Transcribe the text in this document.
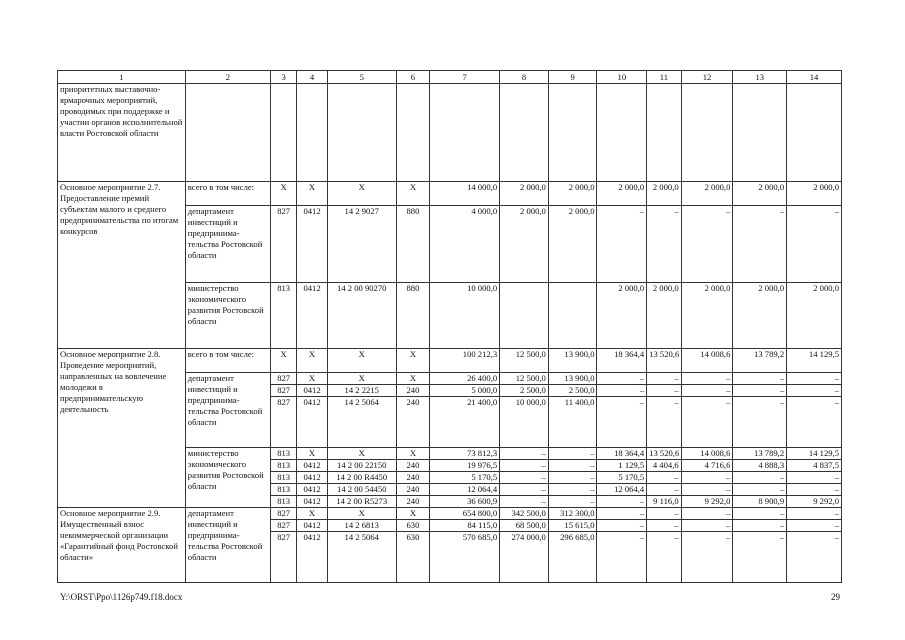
1	2	3	4	5	6	7	8	9	10	11	12	13	14
приоритетных выставочно-ярмарочных мероприятий, проводимых при поддержке и участии органов исполнительной власти Ростовской области													
Основное мероприятие 2.7. Предоставление премий субъектам малого и среднего предпринимательства по итогам конкурсов	всего в том числе:	Х	Х	Х	Х	14 000,0	2 000,0	2 000,0	2 000,0	2 000,0	2 000,0	2 000,0	2 000,0
	департамент инвестиций и предпринима-тельства Ростовской области	827	0412	14 2 9027	880	4 000,0	2 000,0	2 000,0	–	–	–	–	–
	министерство экономического развития Ростовской области	813	0412	14 2 00 90270	880	10 000,0			2 000,0	2 000,0	2 000,0	2 000,0	2 000,0
Основное мероприятие 2.8. Проведение мероприятий, направленных на вовлечение молодежи в предпринимательскую деятельность	всего в том числе:	Х	Х	Х	Х	100 212,3	12 500,0	13 900,0	18 364,4	13 520,6	14 008,6	13 789,2	14 129,5
	департамент инвестиций и предпринима-тельства Ростовской области	827	Х	Х	Х	26 400,0	12 500,0	13 900,0	–	–	–	–	–
		827	0412	14 2 2215	240	5 000,0	2 500,0	2 500,0	–	–	–	–	–
		827	0412	14 2 5064	240	21 400,0	10 000,0	11 400,0	–	–	–	–	–
	министерство экономического развития Ростовской области	813	Х	Х	Х	73 812,3	–	–	18 364,4	13 520,6	14 008,6	13 789,2	14 129,5
		813	0412	14 2 00 22150	240	19 976,5	–	–	1 129,5	4 404,6	4 716,6	4 888,3	4 837,5
		813	0412	14 2 00 R4450	240	5 170,5	–	–	5 170,5	–	–	–	–
		813	0412	14 2 00 54450	240	12 064,4	–	–	12 064,4	–	–	–	–
		813	0412	14 2 00 R5273	240	36 600,9	–	–	–	9 116,0	9 292,0	8 900,9	9 292,0
Основное мероприятие 2.9. Имущественный взнос некоммерческой организации «Гарантийный фонд Ростовской области»	департамент инвестиций и предпринима-тельства Ростовской области	827	Х	Х	Х	654 800,0	342 500,0	312 300,0	–	–	–	–	–
		827	0412	14 2 6813	630	84 115,0	68 500,0	15 615,0	–	–	–	–	–
		827	0412	14 2 5064	630	570 685,0	274 000,0	296 685,0	–	–	–	–	–
Y:\ORST\Ppo\1126p749.f18.docx	29
